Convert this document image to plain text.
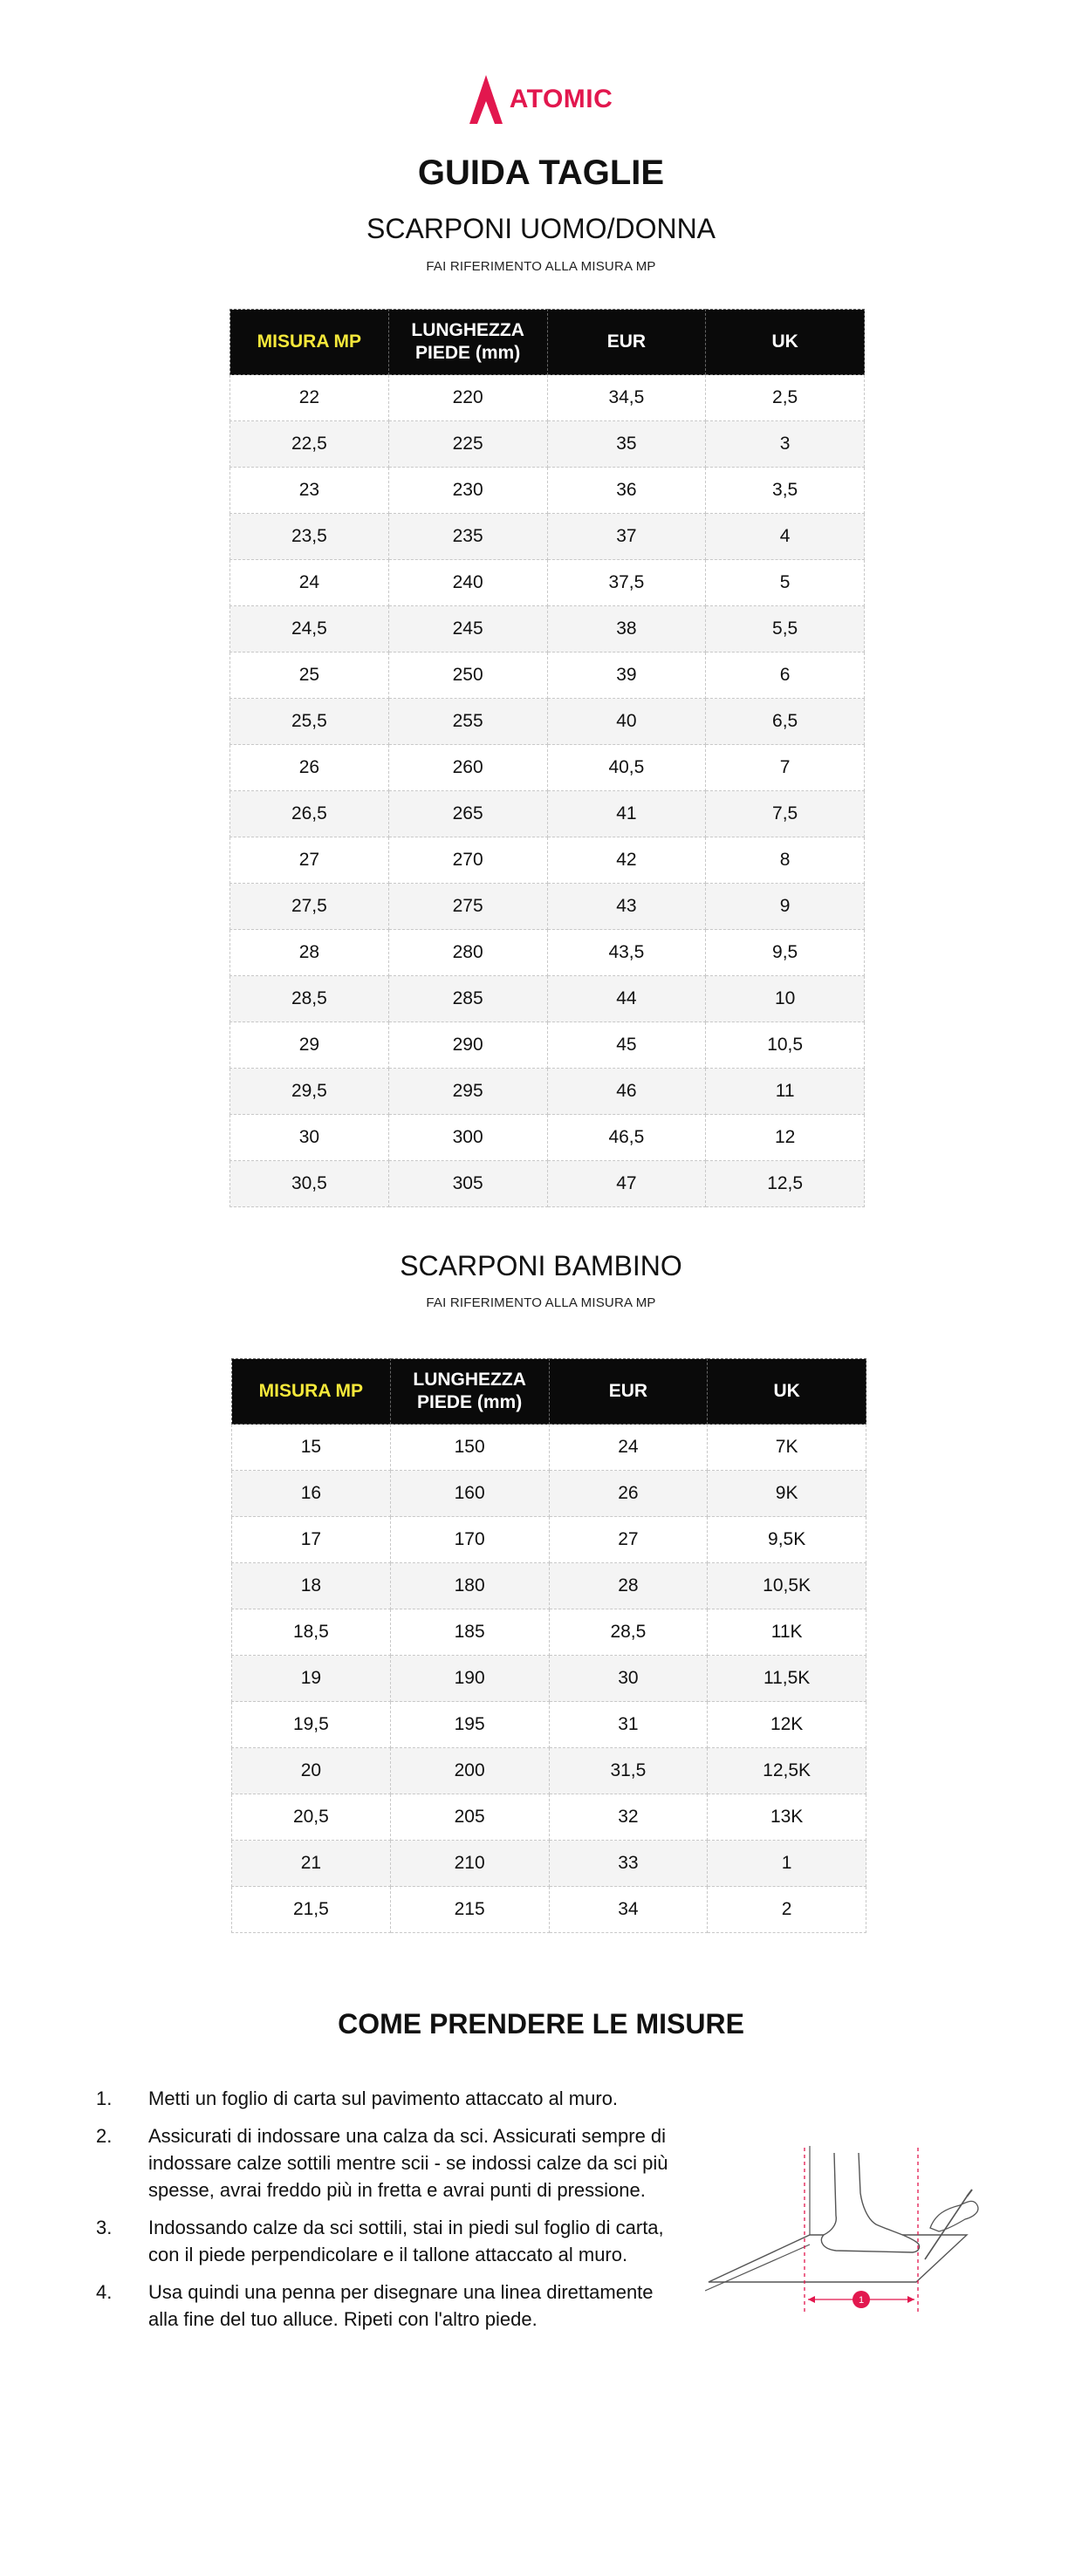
ATOMIC
GUIDA TAGLIE
SCARPONI UOMO/DONNA
FAI RIFERIMENTO ALLA MISURA MP
MISURA MP	LUNGHEZZA PIEDE (mm)	EUR	UK
22	220	34,5	2,5
22,5	225	35	3
23	230	36	3,5
23,5	235	37	4
24	240	37,5	5
24,5	245	38	5,5
25	250	39	6
25,5	255	40	6,5
26	260	40,5	7
26,5	265	41	7,5
27	270	42	8
27,5	275	43	9
28	280	43,5	9,5
28,5	285	44	10
29	290	45	10,5
29,5	295	46	11
30	300	46,5	12
30,5	305	47	12,5
SCARPONI BAMBINO
FAI RIFERIMENTO ALLA MISURA MP
MISURA MP	LUNGHEZZA PIEDE (mm)	EUR	UK
15	150	24	7K
16	160	26	9K
17	170	27	9,5K
18	180	28	10,5K
18,5	185	28,5	11K
19	190	30	11,5K
19,5	195	31	12K
20	200	31,5	12,5K
20,5	205	32	13K
21	210	33	1
21,5	215	34	2
COME PRENDERE LE MISURE
1.	Metti un foglio di carta sul pavimento attaccato al muro.
2.	Assicurati di indossare una calza da sci. Assicurati sempre di indossare calze sottili mentre scii - se indossi calze da sci più spesse, avrai freddo più in fretta e avrai punti di pressione.
3.	Indossando calze da sci sottili, stai in piedi sul foglio di carta, con il piede perpendicolare e il tallone attaccato al muro.
4.	Usa quindi una penna per disegnare una linea direttamente alla fine del tuo alluce. Ripeti con l'altro piede.
1
